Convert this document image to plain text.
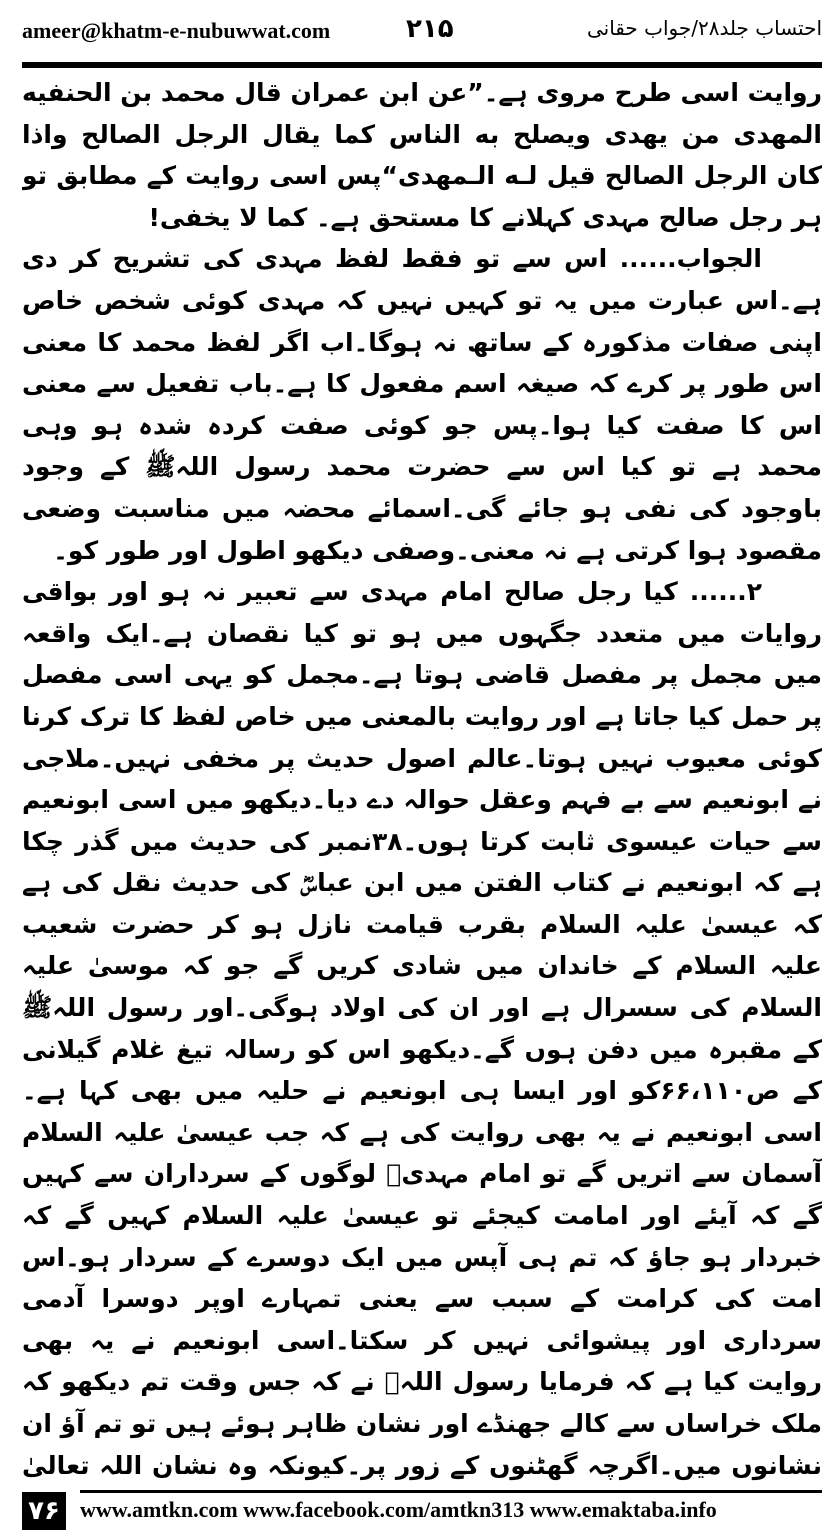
ameer@khatm-e-nubuwwat.com	۲۱۵	احتساب جلد۲۸/جواب حقانی

روایت اسی طرح مروی ہے۔”عن ابن عمران قال محمد بن الحنفیه المهدی من یهدی ویصلح به الناس کما یقال الرجل الصالح واذا کان الرجل الصالح قیل لـه الـمهدی“پس اسی روایت کے مطابق تو ہر رجل صالح مہدی کہلانے کا مستحق ہے۔ کما لا یخفی!

الجواب...... اس سے تو فقط لفظ مہدی کی تشریح کر دی ہے۔اس عبارت میں یہ تو کہیں نہیں کہ مہدی کوئی شخص خاص اپنی صفات مذکورہ کے ساتھ نہ ہوگا۔اب اگر لفظ محمد کا معنی اس طور پر کرے کہ صیغہ اسم مفعول کا ہے۔باب تفعیل سے معنی اس کا صفت کیا ہوا۔پس جو کوئی صفت کردہ شدہ ہو وہی محمد ہے تو کیا اس سے حضرت محمد رسول اللہﷺ کے وجود باوجود کی نفی ہو جائے گی۔اسمائے محضہ میں مناسبت وضعی مقصود ہوا کرتی ہے نہ معنی۔وصفی دیکھو اطول اور طور کو۔

۲...... کیا رجل صالح امام مہدی سے تعبیر نہ ہو اور بواقی روایات میں متعدد جگہوں میں ہو تو کیا نقصان ہے۔ایک واقعہ میں مجمل پر مفصل قاضی ہوتا ہے۔مجمل کو یہی اسی مفصل پر حمل کیا جاتا ہے اور روایت بالمعنی میں خاص لفظ کا ترک کرنا کوئی معیوب نہیں ہوتا۔عالم اصول حدیث پر مخفی نہیں۔ملاجی نے ابونعیم سے بے فہم وعقل حوالہ دے دیا۔دیکھو میں اسی ابونعیم سے حیات عیسوی ثابت کرتا ہوں۔۳۸نمبر کی حدیث میں گذر چکا ہے کہ ابونعیم نے کتاب الفتن میں ابن عباسؓ کی حدیث نقل کی ہے کہ عیسیٰ علیہ السلام بقرب قیامت نازل ہو کر حضرت شعیب علیہ السلام کے خاندان میں شادی کریں گے جو کہ موسیٰ علیہ السلام کی سسرال ہے اور ان کی اولاد ہوگی۔اور رسول اللہﷺ کے مقبرہ میں دفن ہوں گے۔دیکھو اس کو رسالہ تیغ غلام گیلانی کے ص۶۶،۱۱۰کو اور ایسا ہی ابونعیم نے حلیہ میں بھی کہا ہے۔اسی ابونعیم نے یہ بھی روایت کی ہے کہ جب عیسیٰ علیہ السلام آسمان سے اتریں گے تو امام مہدیؓ لوگوں کے سرداران سے کہیں گے کہ آیئے اور امامت کیجئے تو عیسیٰ علیہ السلام کہیں گے کہ خبردار ہو جاؤ کہ تم ہی آپس میں ایک دوسرے کے سردار ہو۔اس امت کی کرامت کے سبب سے یعنی تمہارے اوپر دوسرا آدمی سرداری اور پیشوائی نہیں کر سکتا۔اسی ابونعیم نے یہ بھی روایت کیا ہے کہ فرمایا رسول اللہﷺ نے کہ جس وقت تم دیکھو کہ ملک خراساں سے کالے جھنڈے اور نشان ظاہر ہوئے ہیں تو تم آؤ ان نشانوں میں۔اگرچہ گھٹنوں کے زور پر۔کیونکہ وہ نشان اللہ تعالیٰ

۷۶ www.amtkn.com www.facebook.com/amtkn313 www.emaktaba.info
